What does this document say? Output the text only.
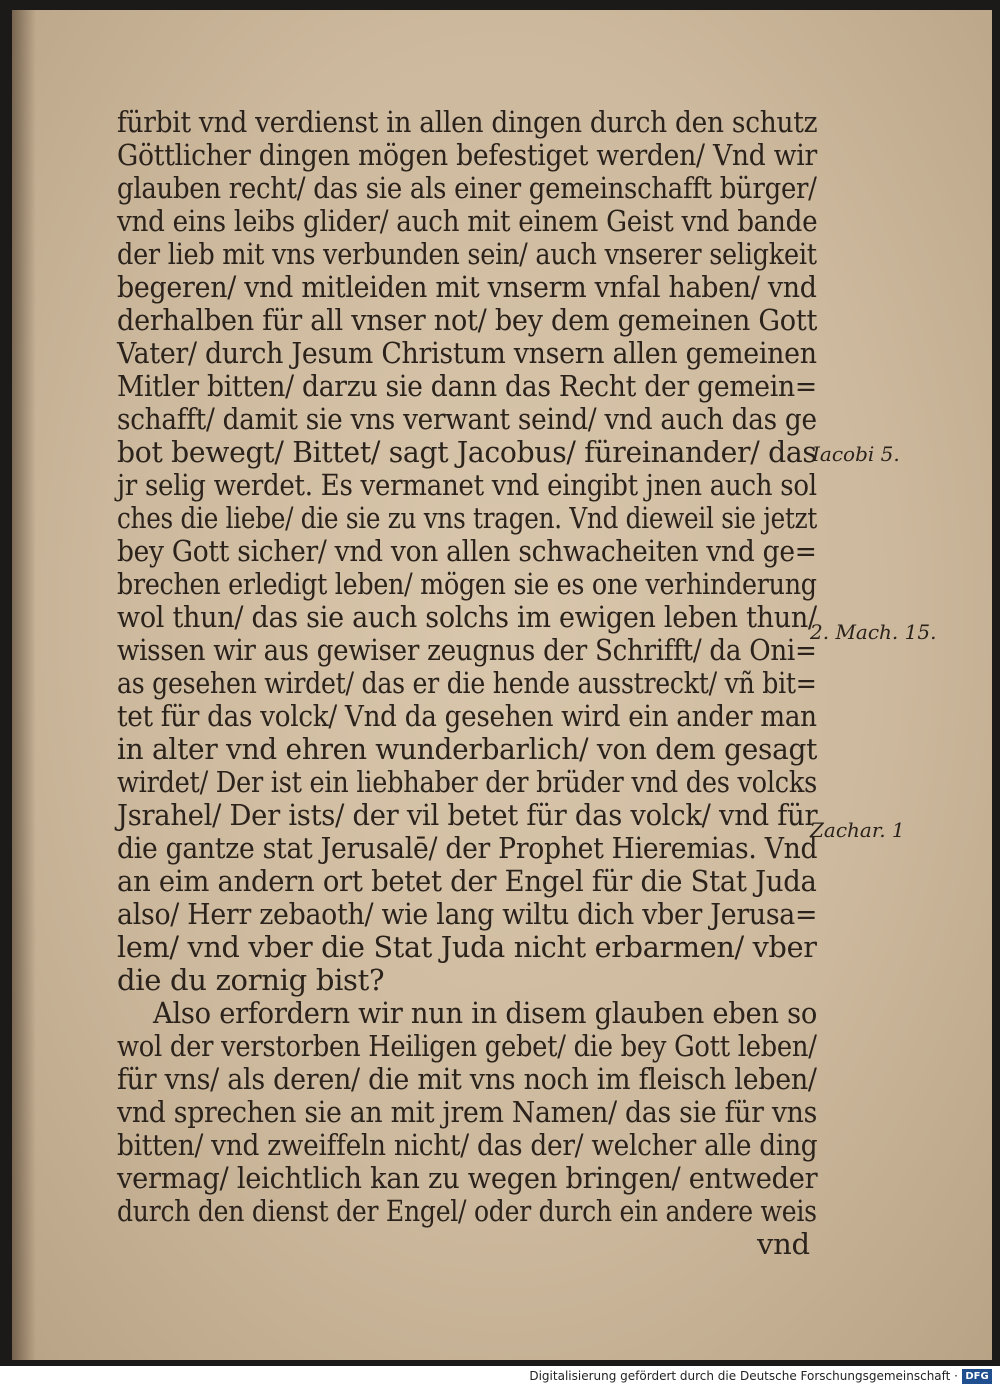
fürbit vnd verdienst in allen dingen durch den schutz
Göttlicher dingen mögen befestiget werden/ Vnd wir
glauben recht/ das sie als einer gemeinschafft bürger/
vnd eins leibs glider/ auch mit einem Geist vnd bande
der lieb mit vns verbunden sein/ auch vnserer seligkeit
begeren/ vnd mitleiden mit vnserm vnfal haben/ vnd
derhalben für all vnser not/ bey dem gemeinen Gott
Vater/ durch Jesum Christum vnsern allen gemeinen
Mitler bitten/ darzu sie dann das Recht der gemein=
schafft/ damit sie vns verwant seind/ vnd auch das ge
bot bewegt/ Bittet/ sagt Jacobus/ füreinander/ das
jr selig werdet. Es vermanet vnd eingibt jnen auch sol
ches die liebe/ die sie zu vns tragen. Vnd dieweil sie jetzt
bey Gott sicher/ vnd von allen schwacheiten vnd ge=
brechen erledigt leben/ mögen sie es one verhinderung
wol thun/ das sie auch solchs im ewigen leben thun/
wissen wir aus gewiser zeugnus der Schrifft/ da Oni=
as gesehen wirdet/ das er die hende ausstreckt/ vñ bit=
tet für das volck/ Vnd da gesehen wird ein ander man
in alter vnd ehren wunderbarlich/ von dem gesagt
wirdet/ Der ist ein liebhaber der brüder vnd des volcks
Jsrahel/ Der ists/ der vil betet für das volck/ vnd für
die gantze stat Jerusalē/ der Prophet Hieremias. Vnd
an eim andern ort betet der Engel für die Stat Juda
also/ Herr zebaoth/ wie lang wiltu dich vber Jerusa=
lem/ vnd vber die Stat Juda nicht erbarmen/ vber
die du zornig bist?
Also erfordern wir nun in disem glauben eben so
wol der verstorben Heiligen gebet/ die bey Gott leben/
für vns/ als deren/ die mit vns noch im fleisch leben/
vnd sprechen sie an mit jrem Namen/ das sie für vns
bitten/ vnd zweiffeln nicht/ das der/ welcher alle ding
vermag/ leichtlich kan zu wegen bringen/ entweder
durch den dienst der Engel/ oder durch ein andere weis
vnd
Iacobi 5.
2. Mach. 15.
Zachar. 1
Digitalisierung gefördert durch die Deutsche Forschungsgemeinschaft · DFG
